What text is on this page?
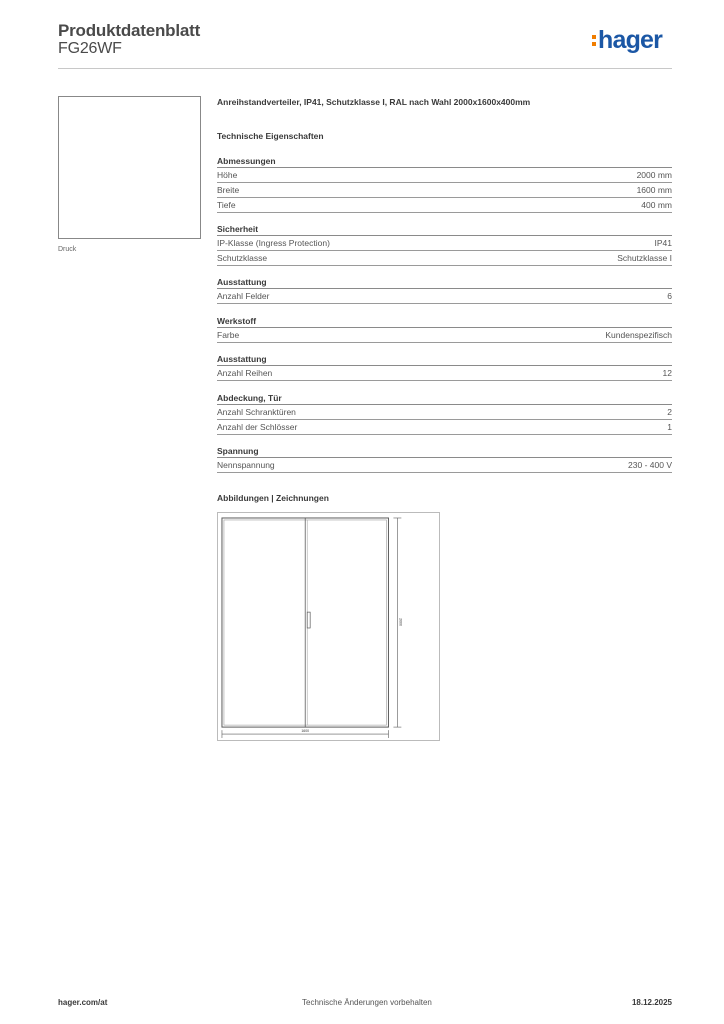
Produktdatenblatt
FG26WF	hager
Druck
Anreihstandverteiler, IP41, Schutzklasse I, RAL nach Wahl 2000x1600x400mm
Technische Eigenschaften
Abmessungen
Höhe	2000 mm
Breite	1600 mm
Tiefe	400 mm
Sicherheit
IP-Klasse (Ingress Protection)	IP41
Schutzklasse	Schutzklasse I
Ausstattung
Anzahl Felder	6
Werkstoff
Farbe	Kundenspezifisch
Ausstattung
Anzahl Reihen	12
Abdeckung, Tür
Anzahl Schranktüren	2
Anzahl der Schlösser	1
Spannung
Nennspannung	230 - 400 V
Abbildungen | Zeichnungen
1600
2000
hager.com/at	Technische Änderungen vorbehalten	18.12.2025
